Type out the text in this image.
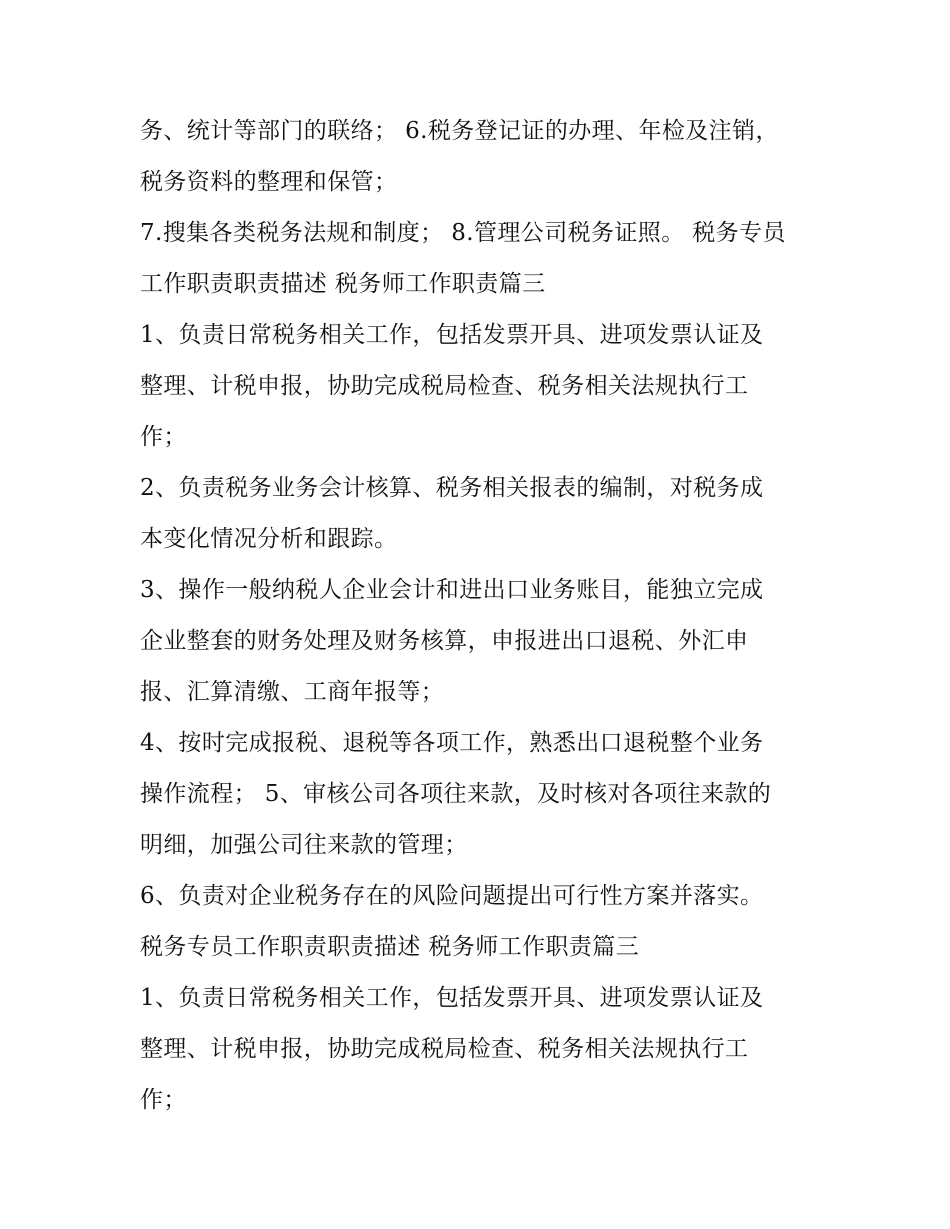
务、统计等部门的联络； 6.税务登记证的办理、年检及注销，
税务资料的整理和保管；
7.搜集各类税务法规和制度； 8.管理公司税务证照。 税务专员
工作职责职责描述 税务师工作职责篇三
1、负责日常税务相关工作，包括发票开具、进项发票认证及
整理、计税申报，协助完成税局检查、税务相关法规执行工
作；
2、负责税务业务会计核算、税务相关报表的编制，对税务成
本变化情况分析和跟踪。
3、操作一般纳税人企业会计和进出口业务账目，能独立完成
企业整套的财务处理及财务核算，申报进出口退税、外汇申
报、汇算清缴、工商年报等；
4、按时完成报税、退税等各项工作，熟悉出口退税整个业务
操作流程； 5、审核公司各项往来款，及时核对各项往来款的
明细，加强公司往来款的管理；
6、负责对企业税务存在的风险问题提出可行性方案并落实。
税务专员工作职责职责描述 税务师工作职责篇三
1、负责日常税务相关工作，包括发票开具、进项发票认证及
整理、计税申报，协助完成税局检查、税务相关法规执行工
作；
